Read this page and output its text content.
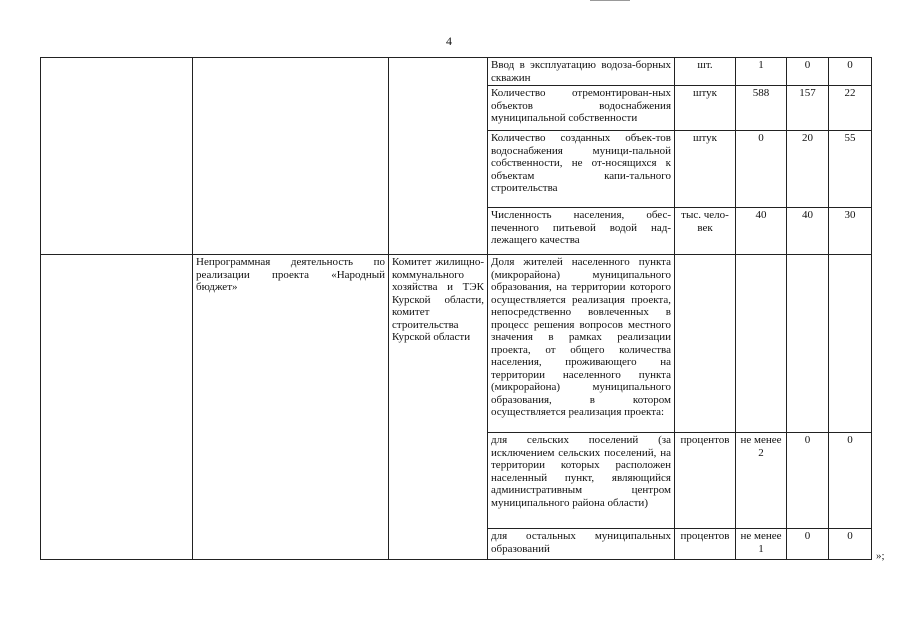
4
			Ввод в эксплуатацию водоза-борных скважин	шт.	1	0	0
			Количество отремонтирован-ных объектов водоснабжения муниципальной собственности	штук	588	157	22
			Количество созданных объек-тов водоснабжения муници-пальной собственности, не от-носящихся к объектам капи-тального строительства	штук	0	20	55
			Численность населения, обес-печенного питьевой водой над-лежащего качества	тыс. чело-век	40	40	30
	Непрограммная деятельность по реализации проекта «Народный бюджет»	Комитет жилищно-коммунального хозяйства и ТЭК Курской области, комитет строительства Курской области	Доля жителей населенного пункта (микрорайона) муниципального образования, на территории которого осуществляется реализация проекта, непосредственно вовлеченных в процесс решения вопросов местного значения в рамках реализации проекта, от общего количества населения, проживающего на территории населенного пункта (микрорайона) муниципального образования, в котором осуществляется реализация проекта:				
			для сельских поселений (за исключением сельских поселений, на территории которых расположен населенный пункт, являющийся административным центром муниципального района области)	процентов	не менее 2	0	0
			для остальных муниципальных образований	процентов	не менее 1	0	0
»;
